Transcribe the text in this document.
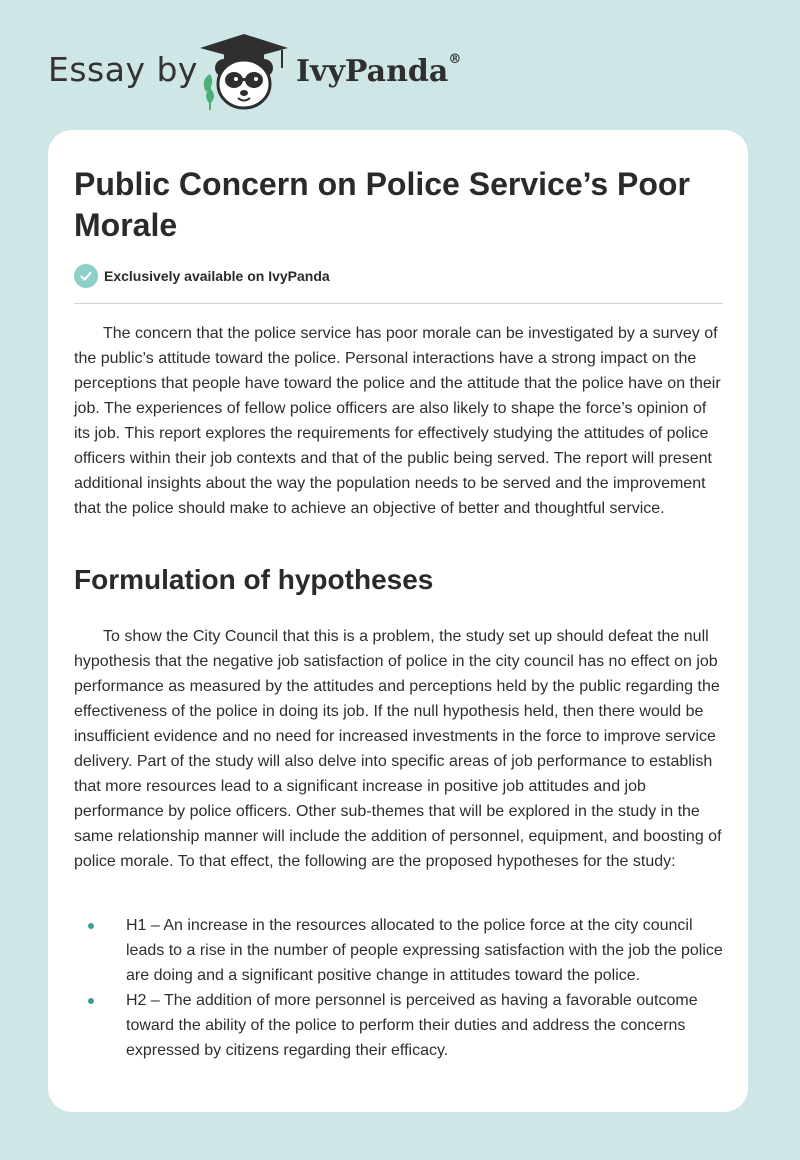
Essay by	IvyPanda®
Public Concern on Police Service’s Poor Morale
Exclusively available on IvyPanda

The concern that the police service has poor morale can be investigated by a survey of the public’s attitude toward the police. Personal interactions have a strong impact on the perceptions that people have toward the police and the attitude that the police have on their job. The experiences of fellow police officers are also likely to shape the force’s opinion of its job. This report explores the requirements for effectively studying the attitudes of police officers within their job contexts and that of the public being served. The report will present additional insights about the way the population needs to be served and the improvement that the police should make to achieve an objective of better and thoughtful service.

Formulation of hypotheses

To show the City Council that this is a problem, the study set up should defeat the null hypothesis that the negative job satisfaction of police in the city council has no effect on job performance as measured by the attitudes and perceptions held by the public regarding the effectiveness of the police in doing its job. If the null hypothesis held, then there would be insufficient evidence and no need for increased investments in the force to improve service delivery. Part of the study will also delve into specific areas of job performance to establish that more resources lead to a significant increase in positive job attitudes and job performance by police officers. Other sub-themes that will be explored in the study in the same relationship manner will include the addition of personnel, equipment, and boosting of police morale. To that effect, the following are the proposed hypotheses for the study:

H1 – An increase in the resources allocated to the police force at the city council leads to a rise in the number of people expressing satisfaction with the job the police are doing and a significant positive change in attitudes toward the police.
H2 – The addition of more personnel is perceived as having a favorable outcome toward the ability of the police to perform their duties and address the concerns expressed by citizens regarding their efficacy.
